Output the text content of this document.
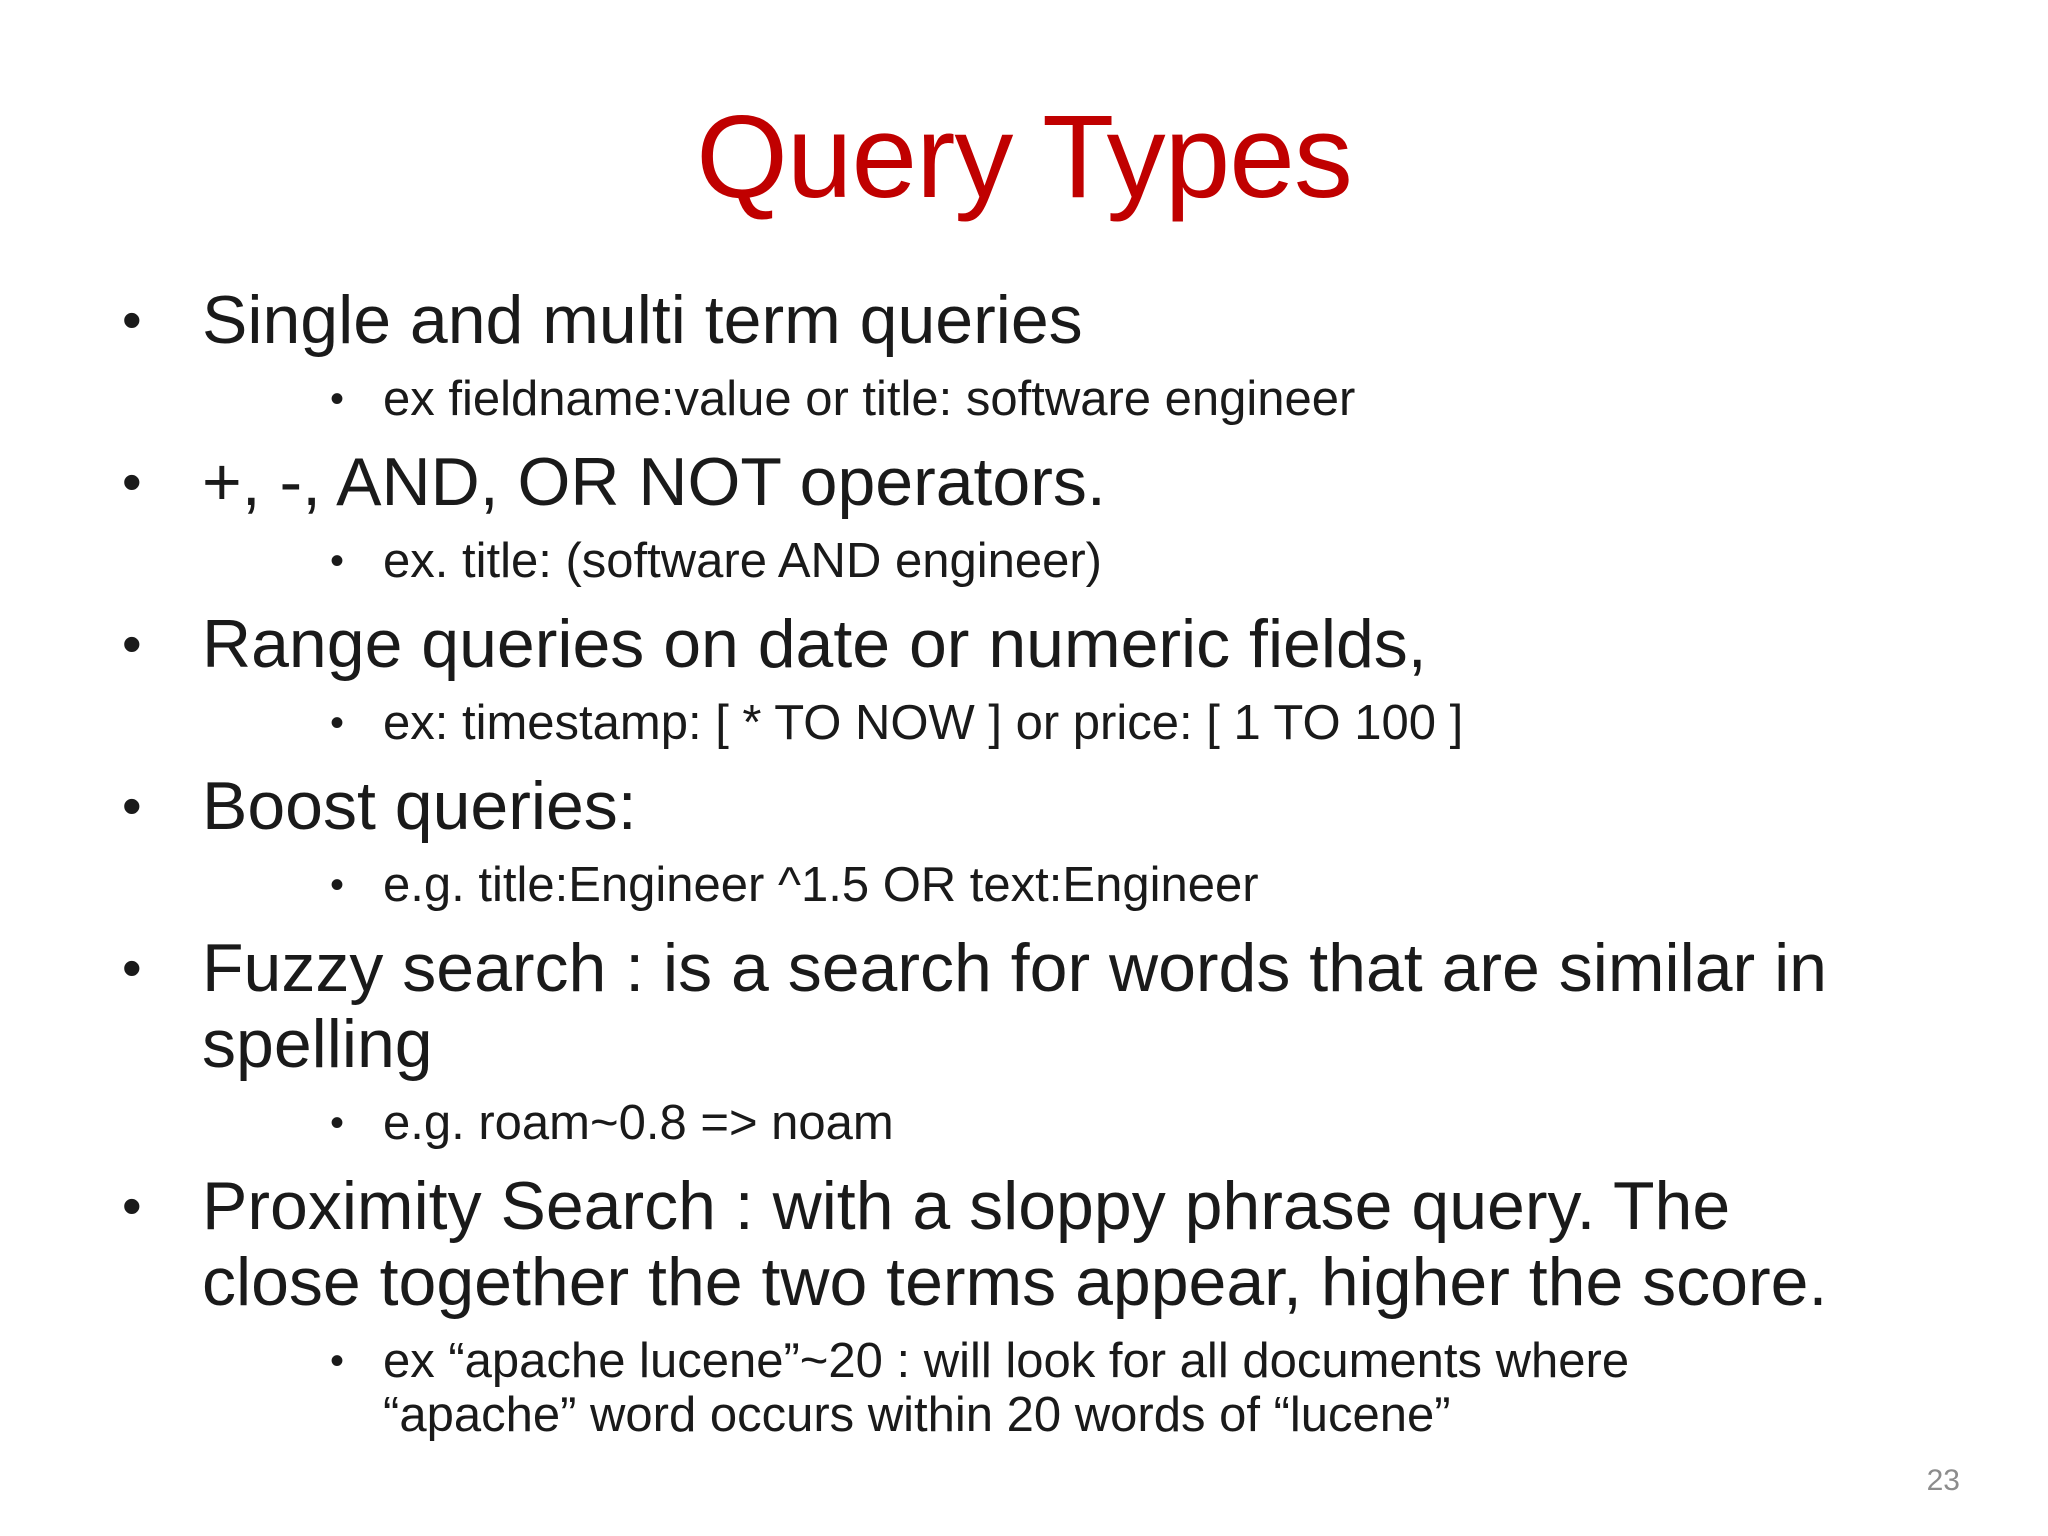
Query Types
• Single and multi term queries
• ex fieldname:value or title: software engineer
• +, -, AND, OR NOT operators.
• ex. title: (software AND engineer)
• Range queries on date or numeric fields,
• ex: timestamp: [ * TO NOW ] or price: [ 1 TO 100 ]
• Boost queries:
• e.g. title:Engineer ^1.5 OR text:Engineer
• Fuzzy search : is a search for words that are similar in
spelling
• e.g. roam~0.8 => noam
• Proximity Search : with a sloppy phrase query. The
close together the two terms appear, higher the score.
• ex “apache lucene”~20 : will look for all documents where
“apache” word occurs within 20 words of “lucene”
23
